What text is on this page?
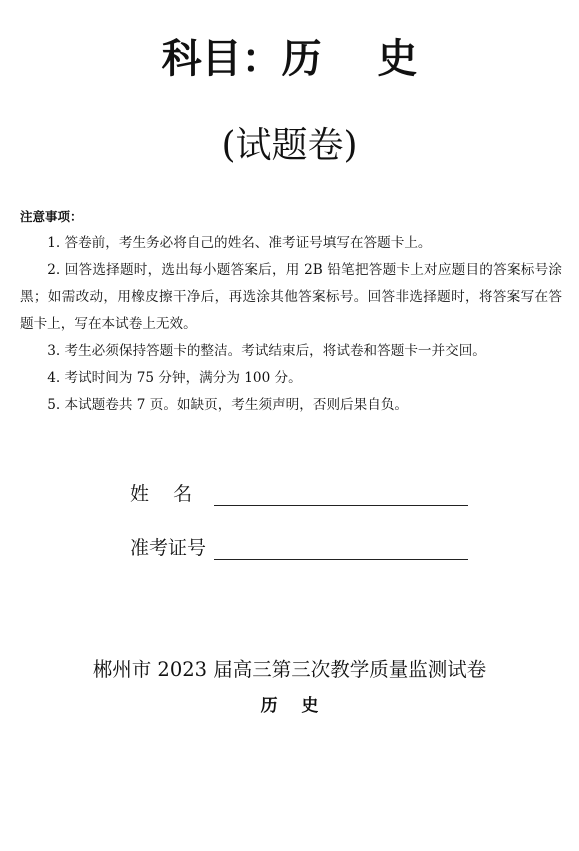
科目：历    史
(试题卷)
注意事项：

1. 答卷前，考生务必将自己的姓名、准考证号填写在答题卡上。

2. 回答选择题时，选出每小题答案后，用 2B 铅笔把答题卡上对应题目的答案标号涂黑；如需改动，用橡皮擦干净后，再选涂其他答案标号。回答非选择题时，将答案写在答题卡上，写在本试卷上无效。

3. 考生必须保持答题卡的整洁。考试结束后，将试卷和答题卡一并交回。

4. 考试时间为 75 分钟，满分为 100 分。

5. 本试题卷共 7 页。如缺页，考生须声明，否则后果自负。

姓    名
准考证号
郴州市 2023 届高三第三次教学质量监测试卷
历    史
